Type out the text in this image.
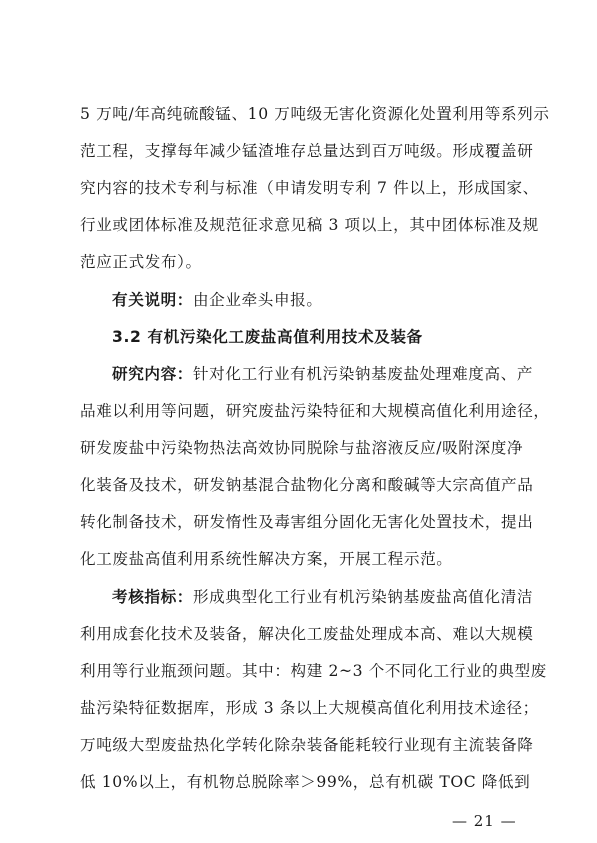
5 万吨/年高纯硫酸锰、10 万吨级无害化资源化处置利用等系列示
范工程，支撑每年减少锰渣堆存总量达到百万吨级。形成覆盖研
究内容的技术专利与标准（申请发明专利 7 件以上，形成国家、
行业或团体标准及规范征求意见稿 3 项以上，其中团体标准及规
范应正式发布）。
有关说明：由企业牵头申报。
3.2 有机污染化工废盐高值利用技术及装备
研究内容：针对化工行业有机污染钠基废盐处理难度高、产
品难以利用等问题，研究废盐污染特征和大规模高值化利用途径，
研发废盐中污染物热法高效协同脱除与盐溶液反应/吸附深度净
化装备及技术，研发钠基混合盐物化分离和酸碱等大宗高值产品
转化制备技术，研发惰性及毒害组分固化无害化处置技术，提出
化工废盐高值利用系统性解决方案，开展工程示范。
考核指标：形成典型化工行业有机污染钠基废盐高值化清洁
利用成套化技术及装备，解决化工废盐处理成本高、难以大规模
利用等行业瓶颈问题。其中：构建 2~3 个不同化工行业的典型废
盐污染特征数据库，形成 3 条以上大规模高值化利用技术途径；
万吨级大型废盐热化学转化除杂装备能耗较行业现有主流装备降
低 10%以上，有机物总脱除率＞99%，总有机碳 TOC 降低到
— 21 —
